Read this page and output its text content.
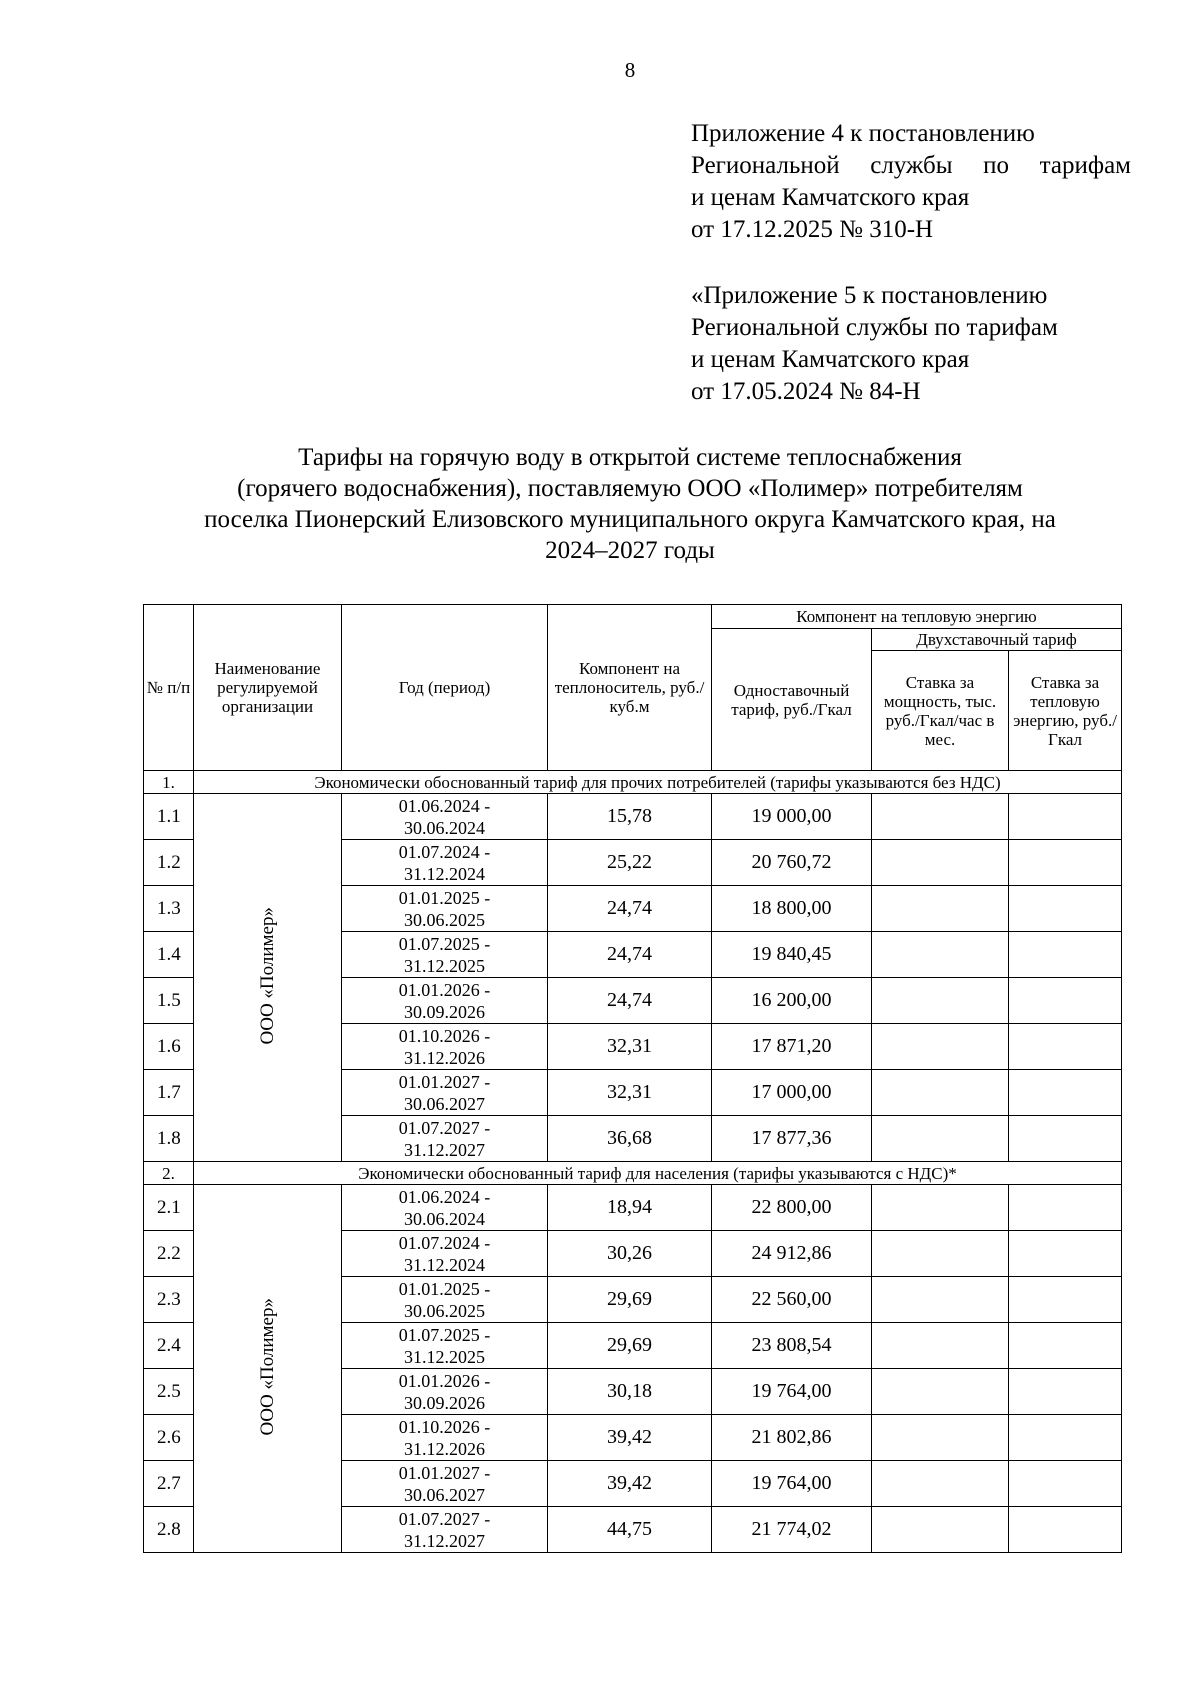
8
Приложение 4 к постановлению
Региональной службы по тарифам
и ценам Камчатского края
от 17.12.2025 № 310-Н
«Приложение 5 к постановлению
Региональной службы по тарифам
и ценам Камчатского края
от 17.05.2024 № 84-Н
Тарифы на горячую воду в открытой системе теплоснабжения
(горячего водоснабжения), поставляемую ООО «Полимер» потребителям
поселка Пионерский Елизовского муниципального округа Камчатского края, на
2024–2027 годы
№ п/п	Наименование регулируемой организации	Год (период)	Компонент на теплоноситель, руб./куб.м	Компонент на тепловую энергию		
				Одноставочный тариф, руб./Гкал	Двухставочный тариф	
					Ставка за мощность, тыс. руб./Гкал/час в мес.	Ставка за тепловую энергию, руб./Гкал
1.	Экономически обоснованный тариф для прочих потребителей (тарифы указываются без НДС)					
1.1	ООО «Полимер»	01.06.2024 -
30.06.2024	15,78	19 000,00		
1.2		01.07.2024 -
31.12.2024	25,22	20 760,72		
1.3		01.01.2025 -
30.06.2025	24,74	18 800,00		
1.4		01.07.2025 -
31.12.2025	24,74	19 840,45		
1.5		01.01.2026 -
30.09.2026	24,74	16 200,00		
1.6		01.10.2026 -
31.12.2026	32,31	17 871,20		
1.7		01.01.2027 -
30.06.2027	32,31	17 000,00		
1.8		01.07.2027 -
31.12.2027	36,68	17 877,36		
2.	Экономически обоснованный тариф для населения (тарифы указываются с НДС)*					
2.1	ООО «Полимер»	01.06.2024 -
30.06.2024	18,94	22 800,00		
2.2		01.07.2024 -
31.12.2024	30,26	24 912,86		
2.3		01.01.2025 -
30.06.2025	29,69	22 560,00		
2.4		01.07.2025 -
31.12.2025	29,69	23 808,54		
2.5		01.01.2026 -
30.09.2026	30,18	19 764,00		
2.6		01.10.2026 -
31.12.2026	39,42	21 802,86		
2.7		01.01.2027 -
30.06.2027	39,42	19 764,00		
2.8		01.07.2027 -
31.12.2027	44,75	21 774,02		
